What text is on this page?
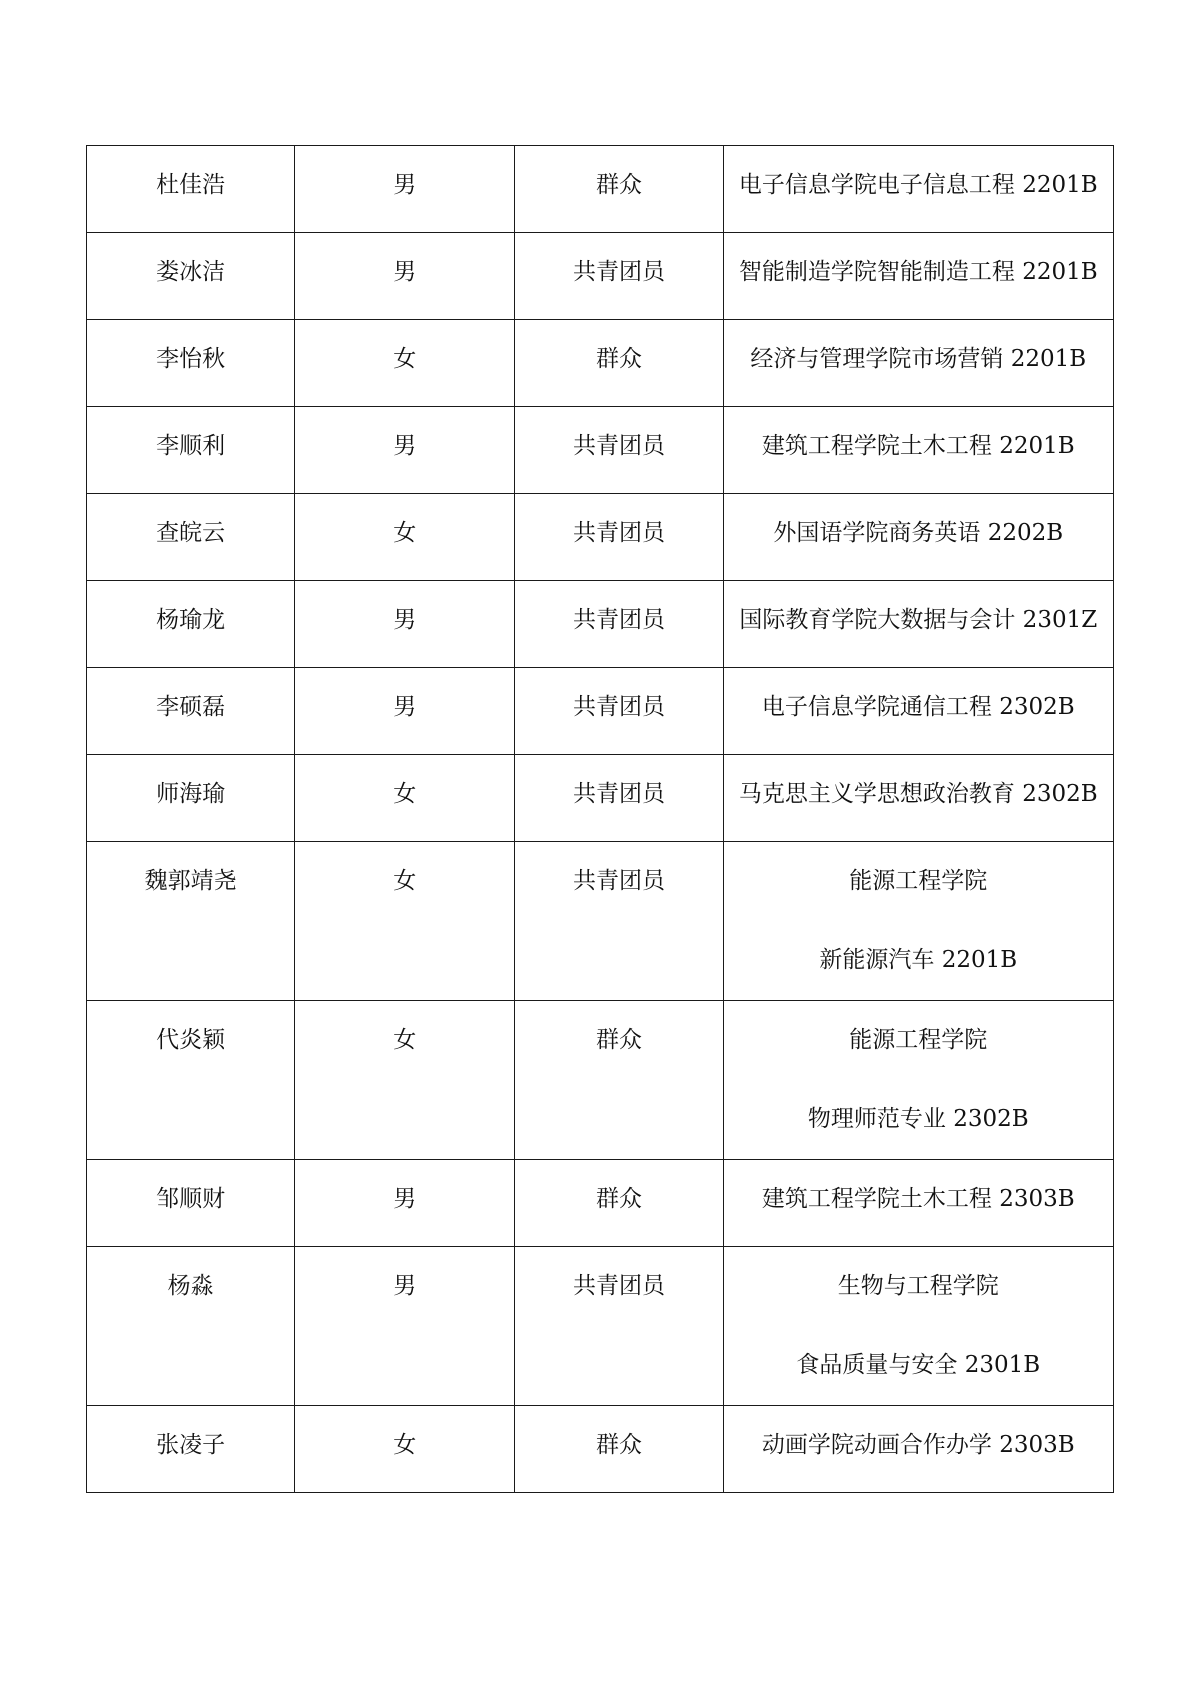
杜佳浩	男	群众	电子信息学院电子信息工程 2201B

娄冰洁	男	共青团员	智能制造学院智能制造工程 2201B

李怡秋	女	群众	经济与管理学院市场营销 2201B

李顺利	男	共青团员	建筑工程学院土木工程 2201B

查皖云	女	共青团员	外国语学院商务英语 2202B

杨瑜龙	男	共青团员	国际教育学院大数据与会计 2301Z

李硕磊	男	共青团员	电子信息学院通信工程 2302B

师海瑜	女	共青团员	马克思主义学思想政治教育 2302B

魏郭靖尧	女	共青团员	能源工程学院
新能源汽车 2201B

代炎颖	女	群众	能源工程学院
物理师范专业 2302B

邹顺财	男	群众	建筑工程学院土木工程 2303B

杨淼	男	共青团员	生物与工程学院
食品质量与安全 2301B

张凌子	女	群众	动画学院动画合作办学 2303B
